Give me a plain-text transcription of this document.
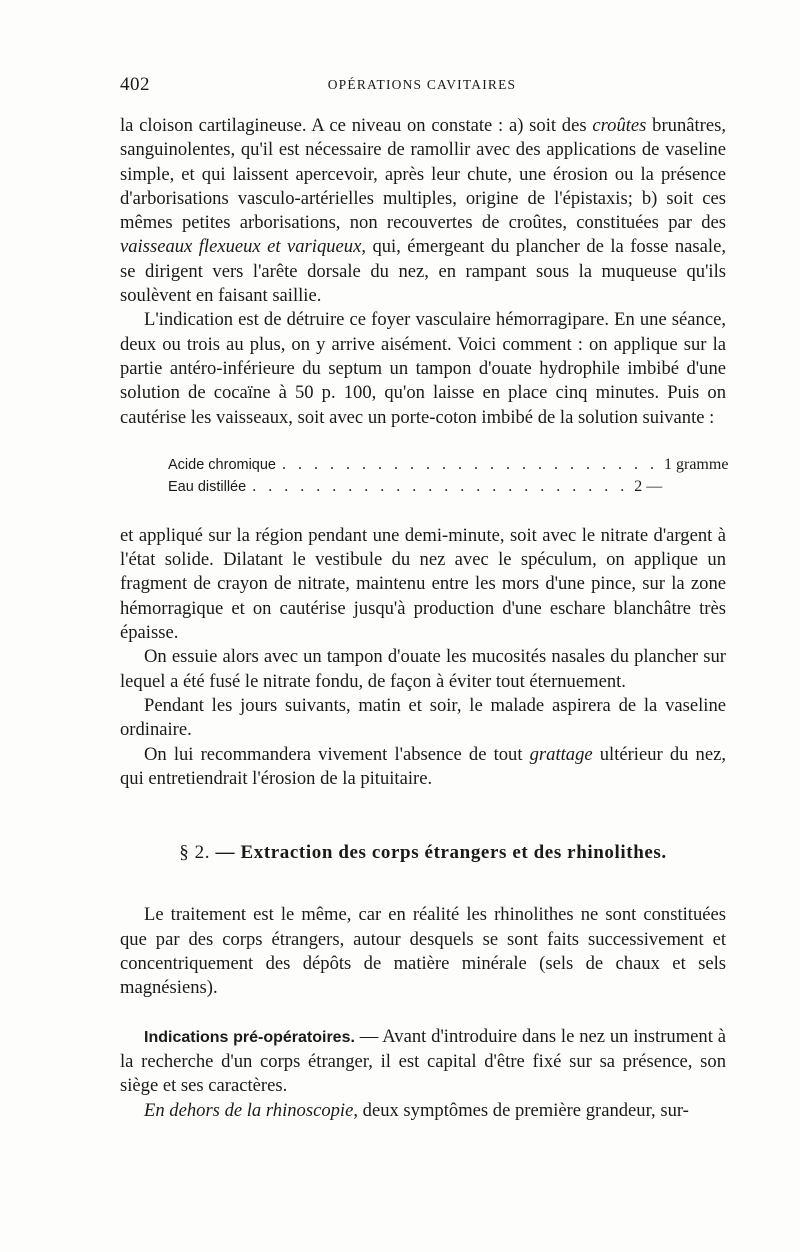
402	OPÉRATIONS CAVITAIRES

la cloison cartilagineuse. A ce niveau on constate : a) soit des croûtes brunâtres, sanguinolentes, qu'il est nécessaire de ramollir avec des applications de vaseline simple, et qui laissent apercevoir, après leur chute, une érosion ou la présence d'arborisations vasculo-artérielles multiples, origine de l'épistaxis; b) soit ces mêmes petites arborisations, non recouvertes de croûtes, constituées par des vaisseaux flexueux et variqueux, qui, émergeant du plancher de la fosse nasale, se dirigent vers l'arête dorsale du nez, en rampant sous la muqueuse qu'ils soulèvent en faisant saillie.

L'indication est de détruire ce foyer vasculaire hémorragipare. En une séance, deux ou trois au plus, on y arrive aisément. Voici comment : on applique sur la partie antéro-inférieure du septum un tampon d'ouate hydrophile imbibé d'une solution de cocaïne à 50 p. 100, qu'on laisse en place cinq minutes. Puis on cautérise les vaisseaux, soit avec un porte-coton imbibé de la solution suivante :

Acide chromique . . . . . . . . . . . . . . . . . . . . . . . . 1 gramme
Eau distillée . . . . . . . . . . . . . . . . . . . . . . . . 2 —

et appliqué sur la région pendant une demi-minute, soit avec le nitrate d'argent à l'état solide. Dilatant le vestibule du nez avec le spéculum, on applique un fragment de crayon de nitrate, maintenu entre les mors d'une pince, sur la zone hémorragique et on cautérise jusqu'à production d'une eschare blanchâtre très épaisse.

On essuie alors avec un tampon d'ouate les mucosités nasales du plancher sur lequel a été fusé le nitrate fondu, de façon à éviter tout éternuement.

Pendant les jours suivants, matin et soir, le malade aspirera de la vaseline ordinaire.

On lui recommandera vivement l'absence de tout grattage ultérieur du nez, qui entretiendrait l'érosion de la pituitaire.

§ 2. — Extraction des corps étrangers et des rhinolithes.

Le traitement est le même, car en réalité les rhinolithes ne sont constituées que par des corps étrangers, autour desquels se sont faits successivement et concentriquement des dépôts de matière minérale (sels de chaux et sels magnésiens).

Indications pré-opératoires. — Avant d'introduire dans le nez un instrument à la recherche d'un corps étranger, il est capital d'être fixé sur sa présence, son siège et ses caractères.

En dehors de la rhinoscopie, deux symptômes de première grandeur, sur-
